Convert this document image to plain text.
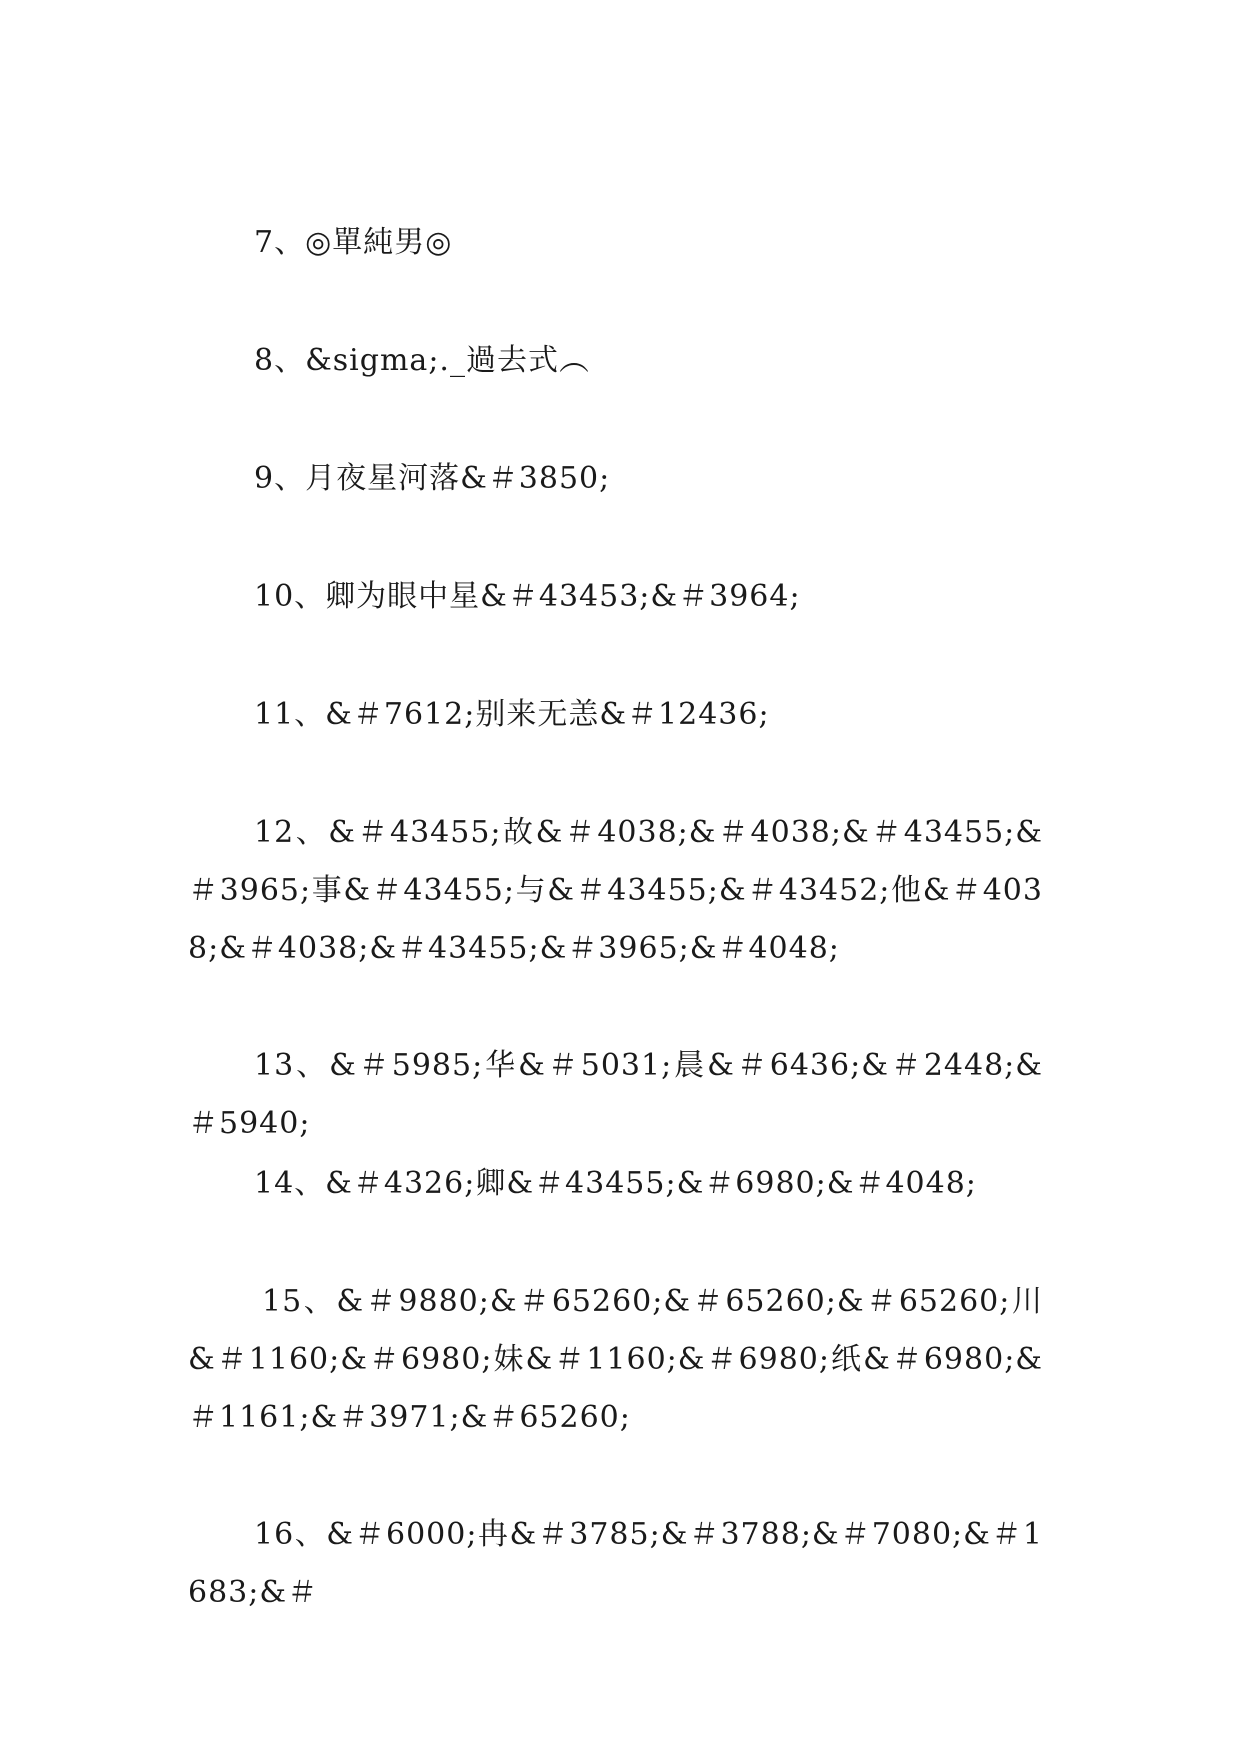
7、◎單純男◎

8、&sigma;._過去式︵

9、月夜星河落&＃3850;

10、卿为眼中星&＃43453;&＃3964;

11、&＃7612;别来无恙&＃12436;

12、&＃43455;故&＃4038;&＃4038;&＃43455;&＃3965;事&＃43455;与&＃43455;&＃43452;他&＃4038;&＃4038;&＃43455;&＃3965;&＃4048;

13、&＃5985;华&＃5031;晨&＃6436;&＃2448;&＃5940;

14、&＃4326;卿&＃43455;&＃6980;&＃4048;

15、&＃9880;&＃65260;&＃65260;&＃65260;川&＃1160;&＃6980;妹&＃1160;&＃6980;纸&＃6980;&＃1161;&＃3971;&＃65260;

16、&＃6000;冉&＃3785;&＃3788;&＃7080;&＃1683;&＃
